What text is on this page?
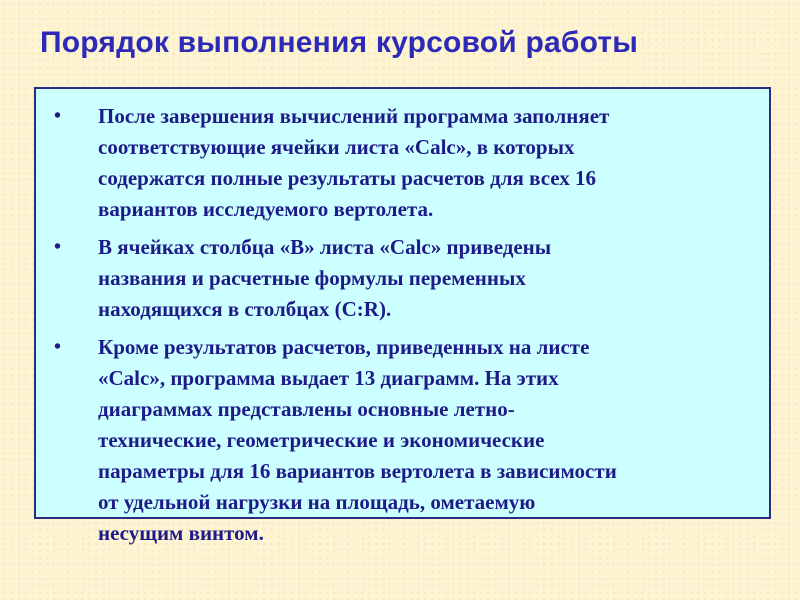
Порядок выполнения курсовой работы
•	После завершения вычислений программа заполняет
соответствующие ячейки листа «Calc», в которых
содержатся полные результаты расчетов для всех 16
вариантов исследуемого вертолета.
•	В ячейках столбца «В» листа «Calc» приведены
названия и расчетные формулы переменных
находящихся в столбцах (C:R).
•	Кроме результатов расчетов, приведенных на листе
«Calc», программа выдает 13 диаграмм. На этих
диаграммах представлены основные летно-
технические, геометрические и экономические
параметры для 16 вариантов вертолета в зависимости
от удельной нагрузки на площадь, ометаемую
несущим винтом.
